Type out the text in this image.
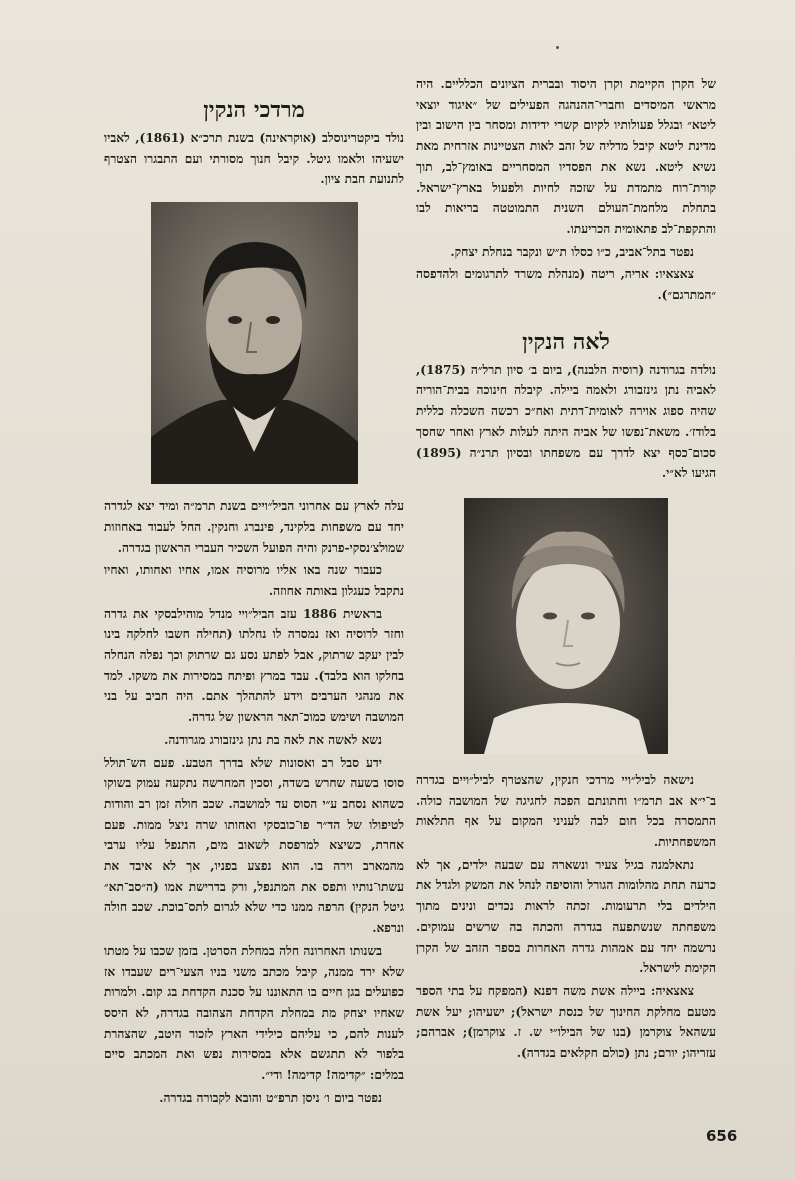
מרדכי הנקין

נולד ביקטרינוסלב (אוקראינה) בשנת תרכ״א (1861), לאביו ישעיהו ולאמו גיטל. קיבל חנוך מסורתי ועם התבגרו הצטרף לתנועת חבת ציון.

עלה לארץ עם אחרוני הביל״ויים בשנת תרמ״ה ומיד יצא לגדרה יחד עם משפחות בלקינד, פינברג וחנקין. החל לעבוד באחוזות שמולצ׳נסקי-פרנק והיה הפועל השכיר העברי הראשון בגדרה.

כעבור שנה באו אליו מרוסיה אמו, אחיו ואחותו, ואחיו נתקבל כעגלון באותה אחוזה.

בראשית 1886 עזב הביל״ויי מנדל מוהילבסקי את גדרה וחזר לרוסיה ואז נמסרה לו נחלתו (תחילה חשבו לחלקה בינו לבין יעקב שרתוק, אבל לפתע נסע גם שרתוק וכך נפלה הנחלה בחלקו הוא בלבד). עבד במרץ ופיתח במסירות את משקו. למד את מנהגי הערבים וידע להתהלך אתם. היה חביב על בני המושבה ושימש כמוכ־תאר הראשון של גדרה.

נשא לאשה את לאה בת נתן גינזבורג מגרודנה.

ידע סבל רב ואסונות שלא בדרך הטבע. פעם הש־תולל סוסו בשעה שחרש בשדה, וסכין המחרשה נתקעה עמוק בשוקו כשהוא נסחב ע״י הסוס עד למושבה. שכב חולה זמן רב והודות לטיפולו של הד״ר פו־כובסקי ואחותו שרה ניצל ממות. פעם אחרת, כשיצא למרפסת לשאוב מים, התנפל עליו ערבי מהמארב וירה בו. הוא נפצע בפניו, אך לא איבד את עשתו־נותיו ותפס את המתנפל, ורק בדרישת אמו (ה״סב־תא״ גיטל הנקין) הרפה ממנו כדי שלא לגרום לתס־בוכת. שכב חולה ונרפא.

בשנותו האחרונה חלה במחלת הסרטן. בזמן שכבו על מטתו שלא ירד ממנה, קיבל מכתב משני בניו הצעי־רים שעבדו אז כפועלים בגן חיים בו התאוננו על סכנת הקדחת בג קום. ולמרות שאחיו יצחק מת במחלת הקדחת הצהובה בגדרה, לא היסס לענות להם, כי עליהם כילידי הארץ לזכור היטב, שהצהרת בלפור לא תתגשם אלא במסירות נפש ואת המכתב סיים במלים: ״קדימה! קדימה! ודי״.

נפטר ביום ו׳ ניסן תרפ״ט והובא לקבורה בגדרה.

של הקרן הקיימת וקרן היסוד ובברית הציונים הכלליים. היה מראשי המיסדים וחברי־ההנהגה הפעילים של ״איגוד יוצאי ליטא״ ובגלל פעולותיו לקיום קשרי ידידות ומסחר בין הישוב ובין מדינת ליטא קיבל מדליה של זהב לאות הצטיינות אזרחית מאת נשיא ליטא. נשא את הפסדיו המסחריים באומץ־לב, תוך קורת־רוח מתמדת על שזכה לחיות ולפעול בארץ־ישראל. בתחלת מלחמת־העולם השנית התמוטטה בריאות לבו והתקפת־לב פתאומית הכריעתו.

נפטר בתל־אביב, כ״ו כסלו ת״ש ונקבר בנחלת יצחק.

צאצאיו: אריה, ריטה (מנהלת משרד לתרגומים ולהדפסה ״המתרגם״).

לאה הנקין

נולדה בגרודנה (רוסיה הלבנה), ביום ב׳ סיון תרל״ה (1875), לאביה נתן גינזבורג ולאמה ביילה. קיבלה חינוכה בבית־הוריה שהיה ספוג אוירה לאומית־דתית ואח״כ רכשה השכלה כללית בלודז׳. משאת־נפשו של אביה היתה לעלות לארץ ואחר שחסך סכום־כסף יצא לדרך עם משפחתו ובסיון תרנ״ה (1895) הגיעו לא״י.

נישאה לביל״ויי מרדכי חנקין, שהצטרף לביל״ויים בגדרה ב־י״א אב תרמ״ו וחתונתם הפכה לחגיגה של המושבה כולה. התמסרה בכל חום לבה לעניני המקום על אף התלאות המשפחתיות.

נתאלמנה בגיל צעיר ונשארה עם שבעה ילדים, אך לא כרעה תחת מהלומות הגורל והוסיפה לנהל את המשק ולגדל את הילדים בלי תרעומות. זכתה לראות נכדים ונינים מתוך משפחתה שנשתפעה בגדרה והכתה בה שרשים עמוקים. נרשמה יחד עם אמהות גדרה האחרות בספר הזהב של הקרן הקימת לישראל.

צאצאיה: ביילה אשת משה דפנא (המפקח על בתי הספר מטעם מחלקת החינוך של כנסת ישראל); ישעיהו; יעל אשת עשהאל צוקרמן (בנו של הבילו״י ש. ז. צוקרמן); אברהם; עזריהו; יורם; נתן (כולם חקלאים בגדרה).

656
